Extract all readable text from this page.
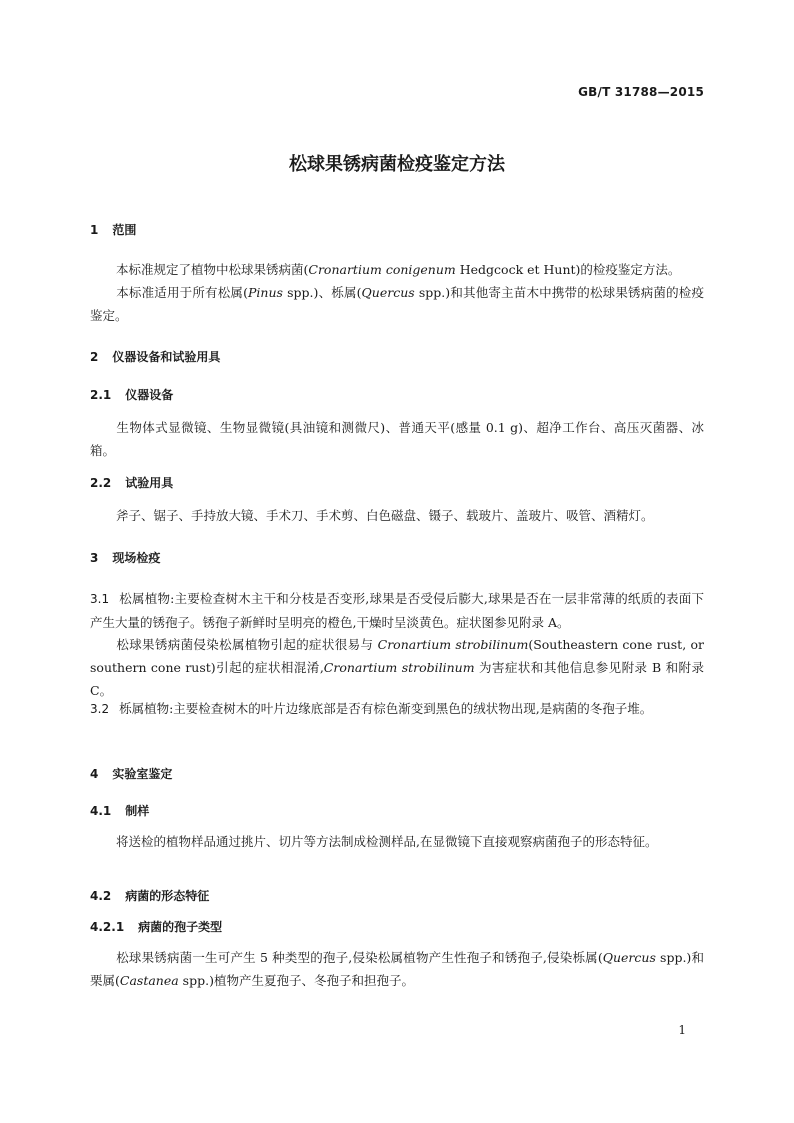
GB/T 31788—2015
松球果锈病菌检疫鉴定方法
1 范围
本标准规定了植物中松球果锈病菌(Cronartium conigenum Hedgcock et Hunt)的检疫鉴定方法。
本标准适用于所有松属(Pinus spp.)、栎属(Quercus spp.)和其他寄主苗木中携带的松球果锈病菌的检疫鉴定。
2 仪器设备和试验用具
2.1 仪器设备
生物体式显微镜、生物显微镜(具油镜和测微尺)、普通天平(感量 0.1 g)、超净工作台、高压灭菌器、冰箱。
2.2 试验用具
斧子、锯子、手持放大镜、手术刀、手术剪、白色磁盘、镊子、载玻片、盖玻片、吸管、酒精灯。
3 现场检疫
3.1 松属植物:主要检查树木主干和分枝是否变形,球果是否受侵后膨大,球果是否在一层非常薄的纸质的表面下产生大量的锈孢子。锈孢子新鲜时呈明亮的橙色,干燥时呈淡黄色。症状图参见附录 A。
松球果锈病菌侵染松属植物引起的症状很易与 Cronartium strobilinum(Southeastern cone rust, or southern cone rust)引起的症状相混淆,Cronartium strobilinum 为害症状和其他信息参见附录 B 和附录 C。
3.2 栎属植物:主要检查树木的叶片边缘底部是否有棕色渐变到黑色的绒状物出现,是病菌的冬孢子堆。
4 实验室鉴定
4.1 制样
将送检的植物样品通过挑片、切片等方法制成检测样品,在显微镜下直接观察病菌孢子的形态特征。
4.2 病菌的形态特征
4.2.1 病菌的孢子类型
松球果锈病菌一生可产生 5 种类型的孢子,侵染松属植物产生性孢子和锈孢子,侵染栎属(Quercus spp.)和栗属(Castanea spp.)植物产生夏孢子、冬孢子和担孢子。
1
